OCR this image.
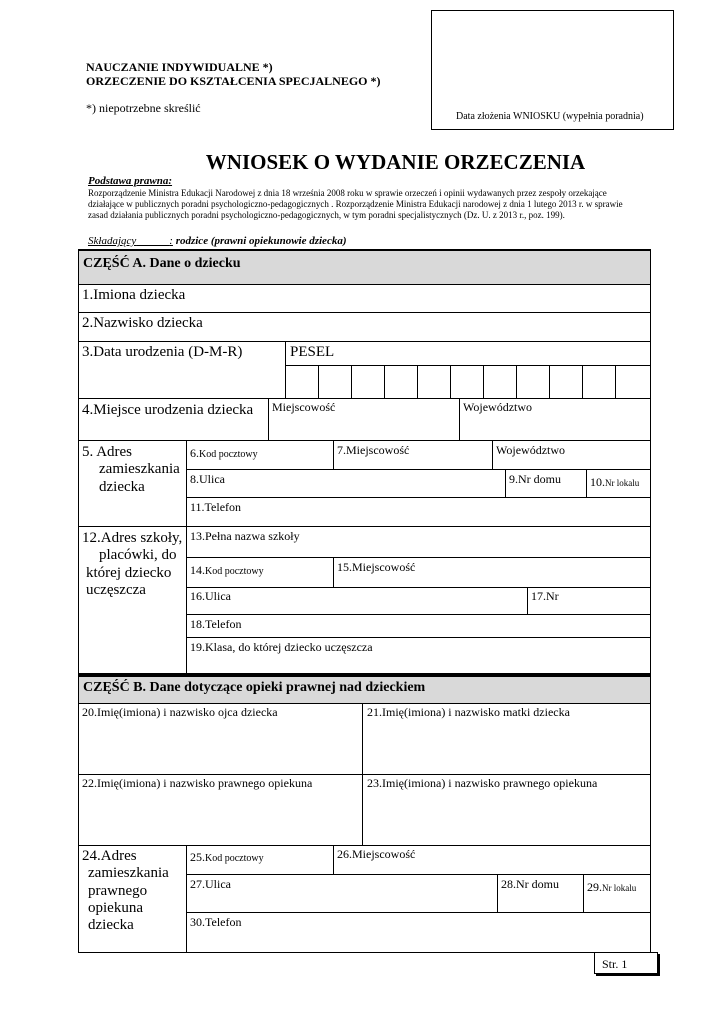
NAUCZANIE INDYWIDUALNE *)
ORZECZENIE DO KSZTAŁCENIA SPECJALNEGO *)
*) niepotrzebne skreślić
Data złożenia WNIOSKU (wypełnia poradnia)
WNIOSEK O WYDANIE ORZECZENIA
Podstawa prawna:
Rozporządzenie Ministra Edukacji Narodowej z dnia 18 września 2008 roku w sprawie orzeczeń i opinii wydawanych przez zespoły orzekające
działające w publicznych poradni psychologiczno-pedagogicznych . Rozporządzenie Ministra Edukacji narodowej z dnia 1 lutego 2013 r. w sprawie
zasad działania publicznych poradni psychologiczno-pedagogicznych, w tym poradni specjalistycznych (Dz. U. z 2013 r., poz. 199).
Składający______: rodzice (prawni opiekunowie dziecka)
CZĘŚĆ A. Dane o dziecku
1.Imiona dziecka
2.Nazwisko dziecka
3.Data urodzenia (D-M-R)	PESEL
4.Miejsce urodzenia dziecka Miejscowość	Województwo
5. Adres
zamieszkania
dziecka
6.Kod pocztowy	7.Miejscowość	Województwo
8.Ulica	9.Nr domu 10.Nr lokalu
11.Telefon
12.Adres szkoły,
placówki, do
której dziecko
uczęszcza
13.Pełna nazwa szkoły
14.Kod pocztowy	15.Miejscowość
16.Ulica	17.Nr
18.Telefon
19.Klasa, do której dziecko uczęszcza
CZĘŚĆ B. Dane dotyczące opieki prawnej nad dzieckiem
20.Imię(imiona) i nazwisko ojca dziecka	21.Imię(imiona) i nazwisko matki dziecka
22.Imię(imiona) i nazwisko prawnego opiekuna	23.Imię(imiona) i nazwisko prawnego opiekuna
24.Adres
zamieszkania
prawnego
opiekuna
dziecka
25.Kod pocztowy	26.Miejscowość
27.Ulica	28.Nr domu 29.Nr lokalu
30.Telefon
Str. 1
